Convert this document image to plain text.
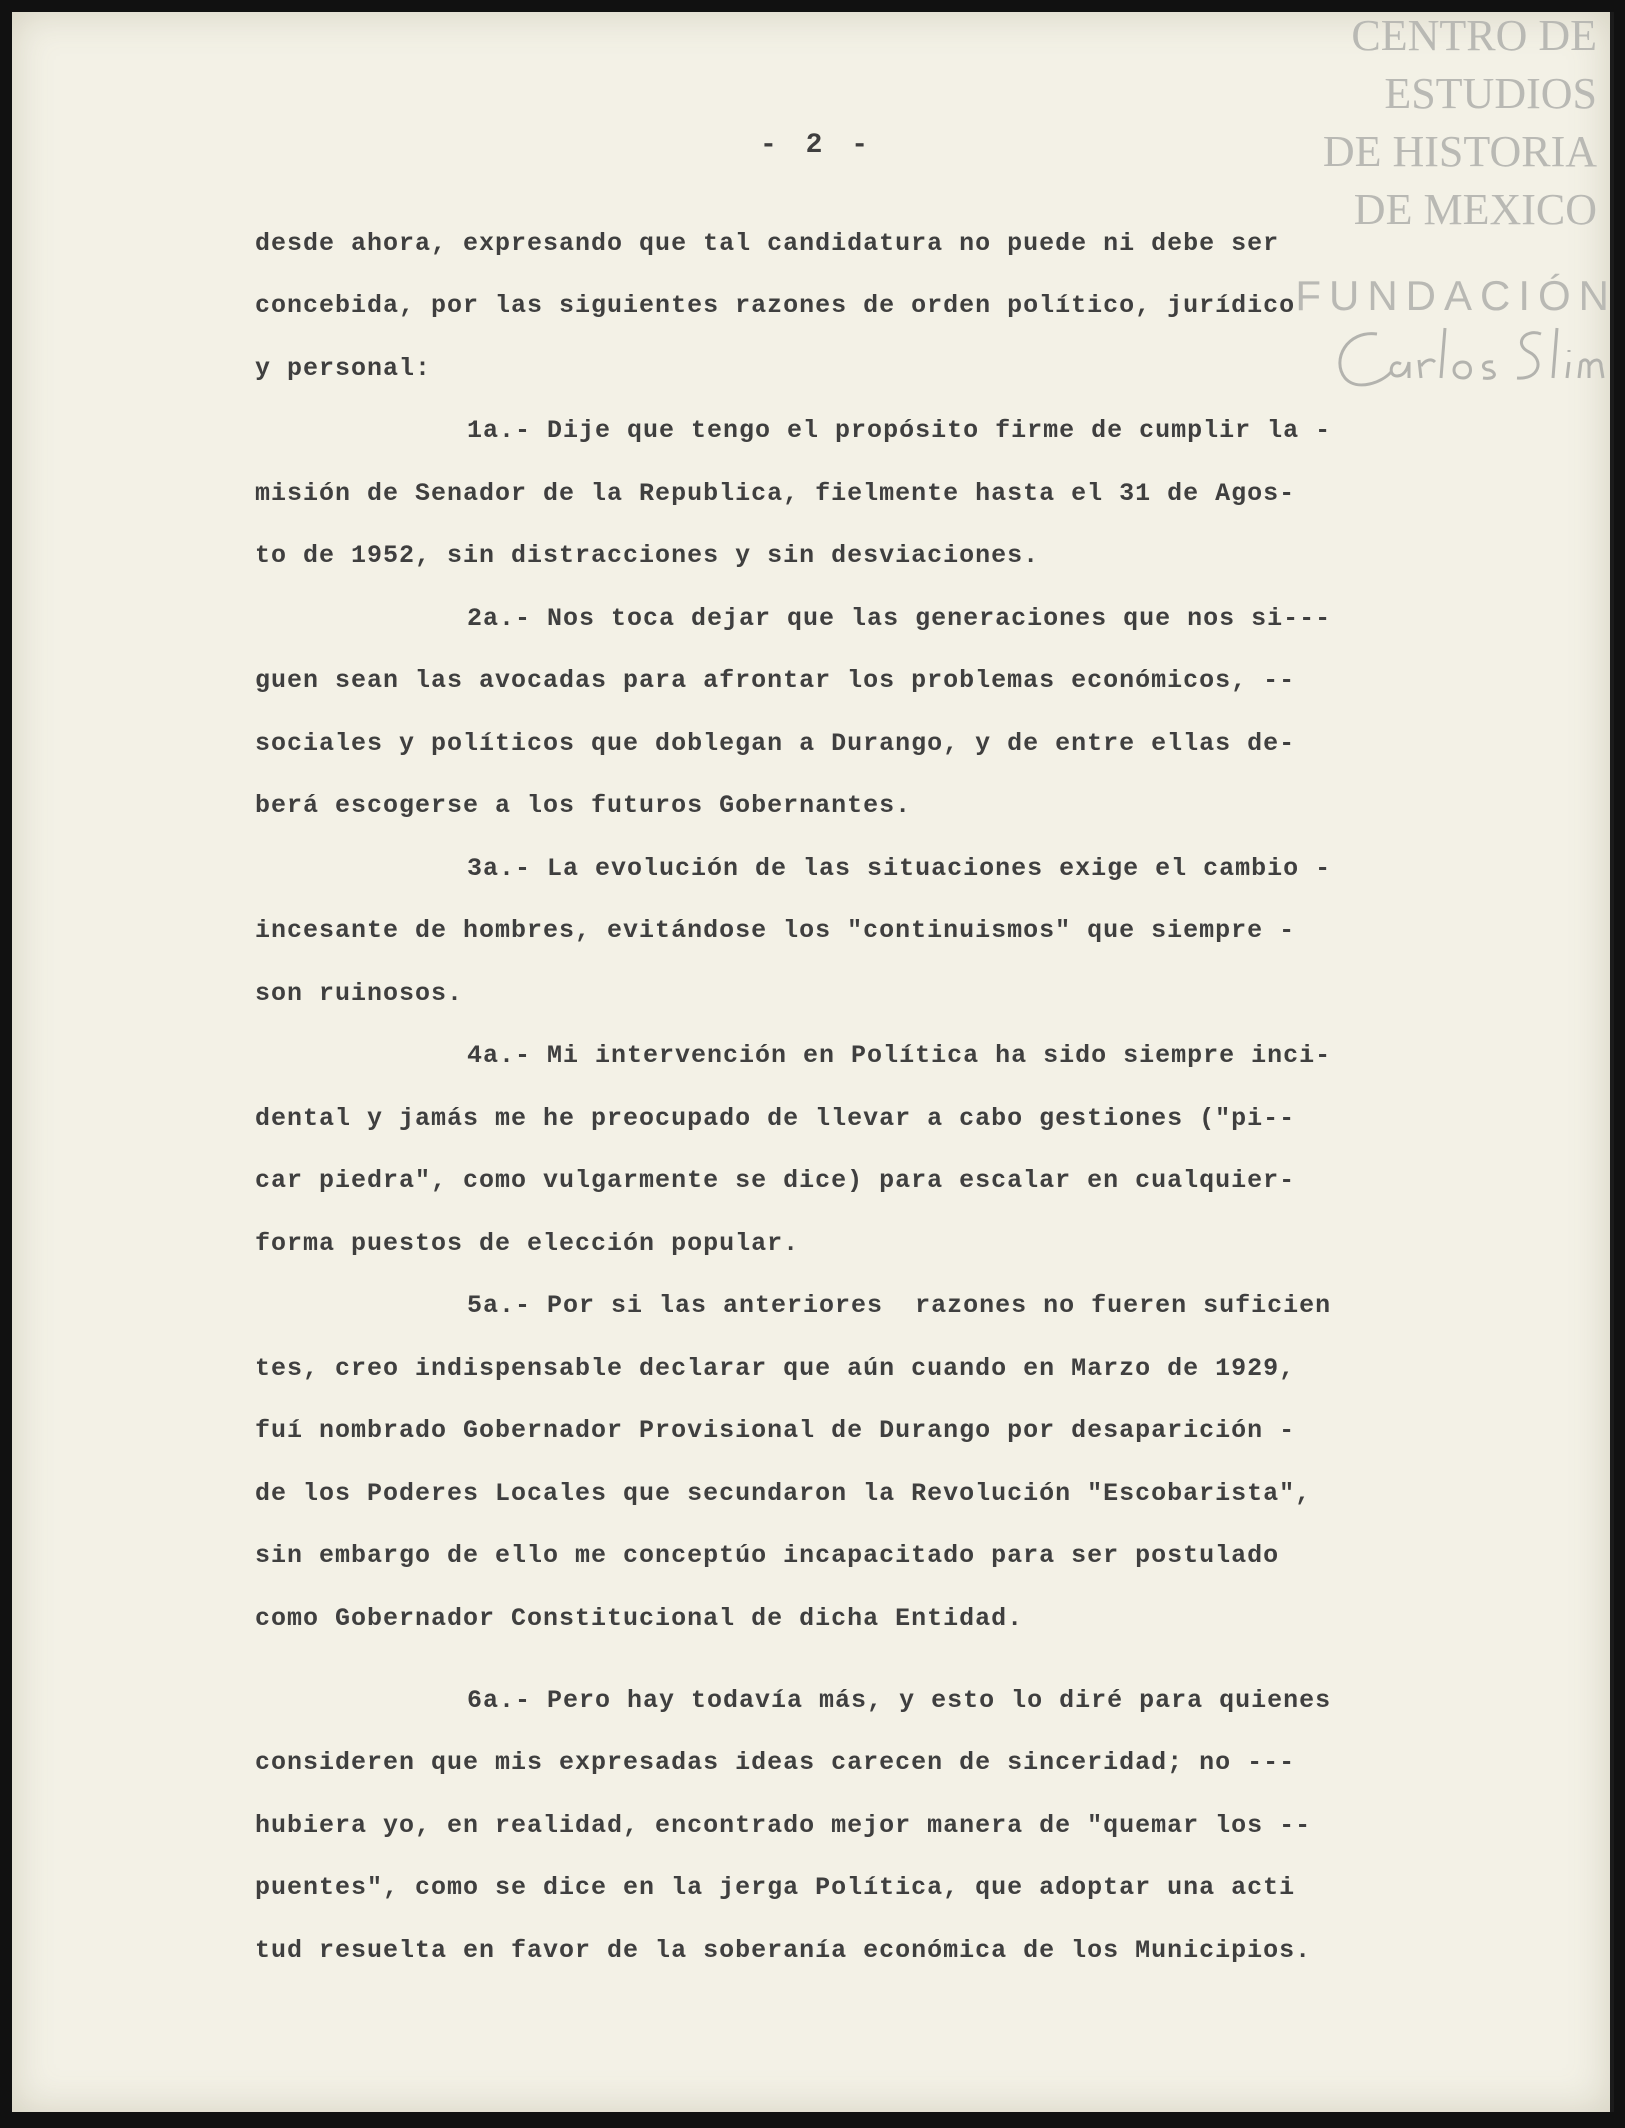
- 2 -
desde ahora, expresando que tal candidatura no puede ni debe ser
concebida, por las siguientes razones de orden político, jurídico
y personal:
1a.- Dije que tengo el propósito firme de cumplir la -
misión de Senador de la Republica, fielmente hasta el 31 de Agos-
to de 1952, sin distracciones y sin desviaciones.
2a.- Nos toca dejar que las generaciones que nos si---
guen sean las avocadas para afrontar los problemas económicos, --
sociales y políticos que doblegan a Durango, y de entre ellas de-
berá escogerse a los futuros Gobernantes.
3a.- La evolución de las situaciones exige el cambio -
incesante de hombres, evitándose los "continuismos" que siempre -
son ruinosos.
4a.- Mi intervención en Política ha sido siempre inci-
dental y jamás me he preocupado de llevar a cabo gestiones ("pi--
car piedra", como vulgarmente se dice) para escalar en cualquier-
forma puestos de elección popular.
5a.- Por si las anteriores  razones no fueren suficien
tes, creo indispensable declarar que aún cuando en Marzo de 1929,
fuí nombrado Gobernador Provisional de Durango por desaparición -
de los Poderes Locales que secundaron la Revolución "Escobarista",
sin embargo de ello me conceptúo incapacitado para ser postulado
como Gobernador Constitucional de dicha Entidad.
6a.- Pero hay todavía más, y esto lo diré para quienes
consideren que mis expresadas ideas carecen de sinceridad; no ---
hubiera yo, en realidad, encontrado mejor manera de "quemar los --
puentes", como se dice en la jerga Política, que adoptar una acti
tud resuelta en favor de la soberanía económica de los Municipios.
CENTRO DE
ESTUDIOS
DE HISTORIA
DE MEXICO
FUNDACIÓN
